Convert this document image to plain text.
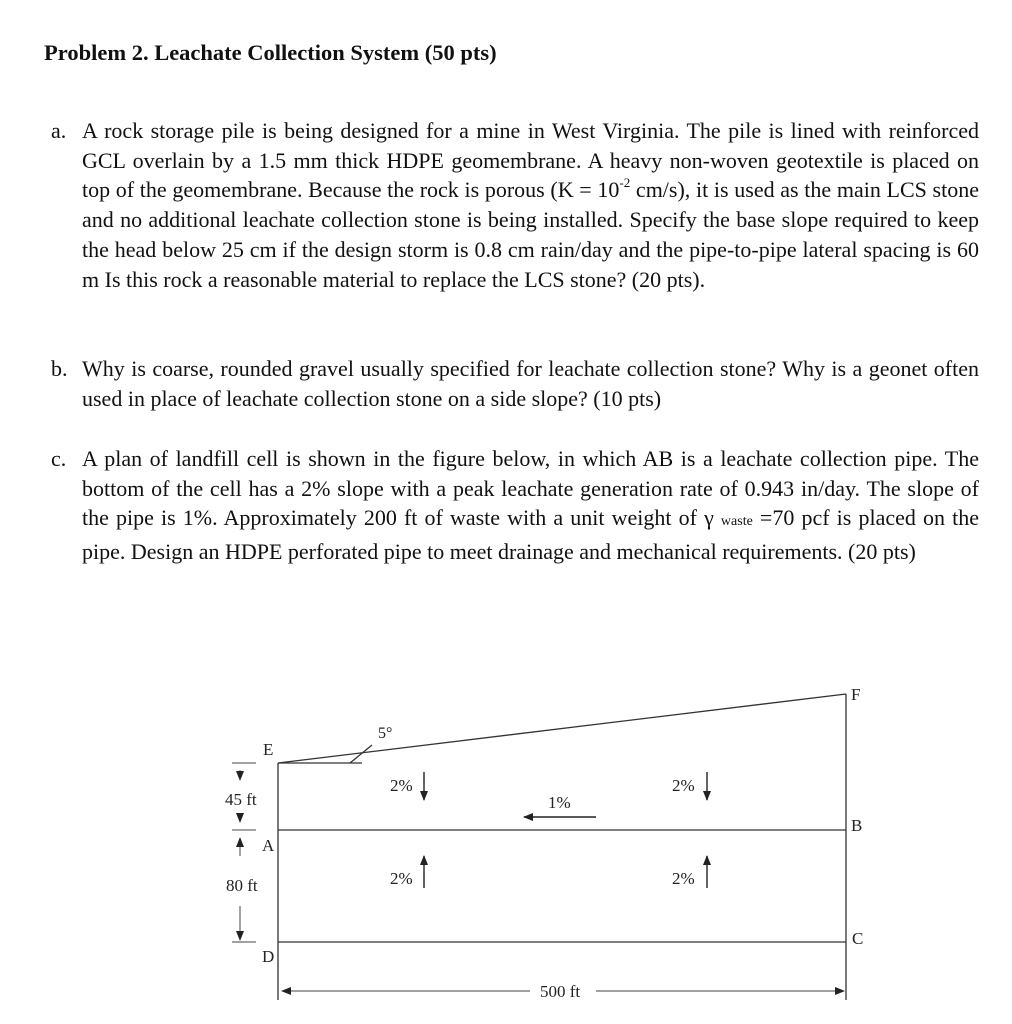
Problem 2. Leachate Collection System (50 pts)
a. A rock storage pile is being designed for a mine in West Virginia. The pile is lined with reinforced GCL overlain by a 1.5 mm thick HDPE geomembrane. A heavy non-woven geotextile is placed on top of the geomembrane. Because the rock is porous ($K = 10^{-2}$ cm/s), it is used as the main LCS stone and no additional leachate collection stone is being installed. Specify the base slope required to keep the head below 25 cm if the design storm is 0.8 cm rain/day and the pipe-to-pipe lateral spacing is 60 m Is this rock a reasonable material to replace the LCS stone? (20 pts).
b. Why is coarse, rounded gravel usually specified for leachate collection stone? Why is a geonet often used in place of leachate collection stone on a side slope? (10 pts)
c. A plan of landfill cell is shown in the figure below, in which AB is a leachate collection pipe. The bottom of the cell has a 2% slope with a peak leachate generation rate of 0.943 in/day. The slope of the pipe is 1%. Approximately 200 ft of waste with a unit weight of γ waste =70 pcf is placed on the pipe. Design an HDPE perforated pipe to meet drainage and mechanical requirements. (20 pts)
E
A
D
F
B
C
5°
45 ft
80 ft
500 ft
2%	2%
2%	2%
1%
